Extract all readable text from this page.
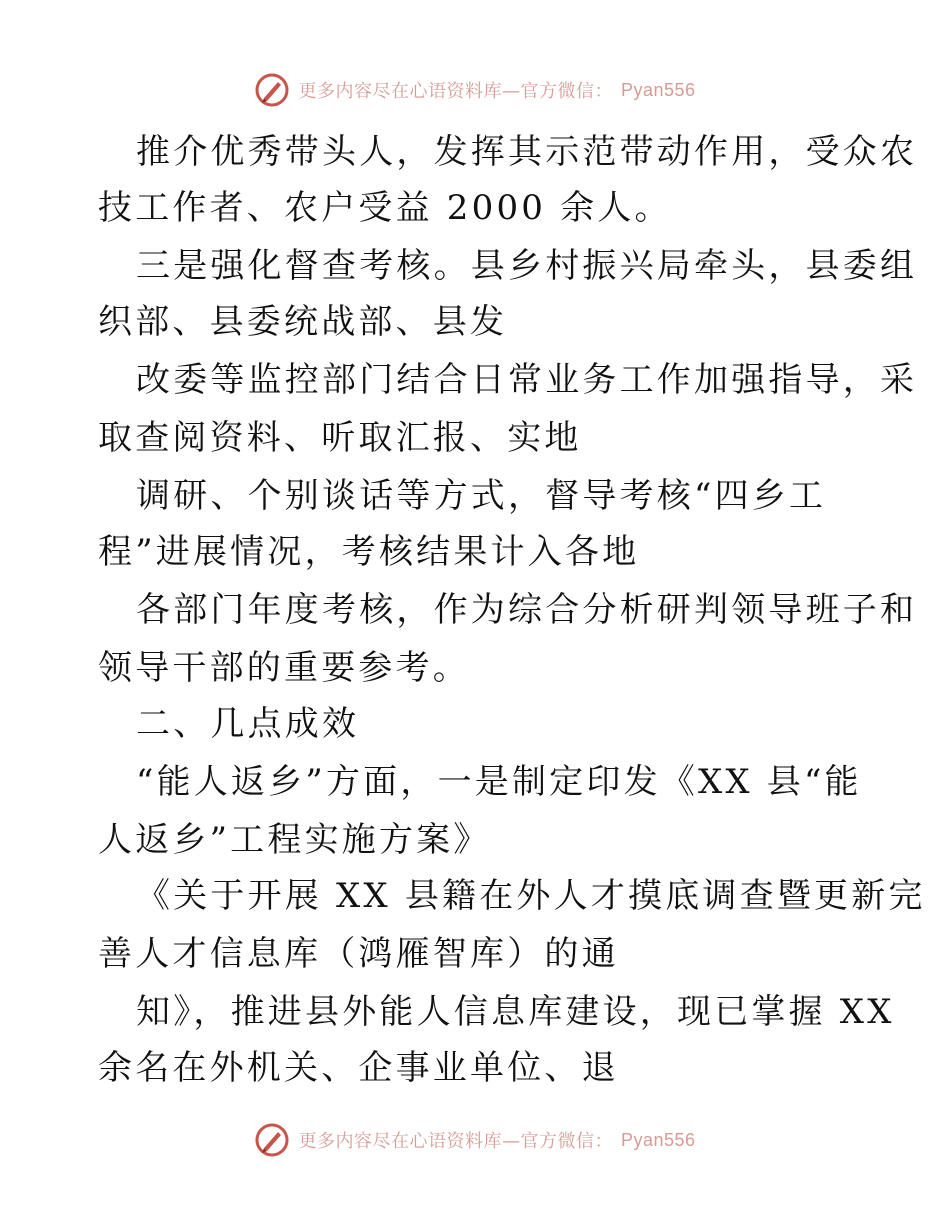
更多内容尽在心语资料库—官方微信： Pyan556
推介优秀带头人，发挥其示范带动作用，受众农
技工作者、农户受益 2000 余人。
三是强化督查考核。县乡村振兴局牵头，县委组
织部、县委统战部、县发
改委等监控部门结合日常业务工作加强指导，采
取查阅资料、听取汇报、实地
调研、个别谈话等方式，督导考核“四乡工
程”进展情况，考核结果计入各地
各部门年度考核，作为综合分析研判领导班子和
领导干部的重要参考。
二、几点成效
“能人返乡”方面，一是制定印发《XX 县“能
人返乡”工程实施方案》
《关于开展 XX 县籍在外人才摸底调查暨更新完
善人才信息库（鸿雁智库）的通
知》，推进县外能人信息库建设，现已掌握 XX
余名在外机关、企事业单位、退
更多内容尽在心语资料库—官方微信： Pyan556
